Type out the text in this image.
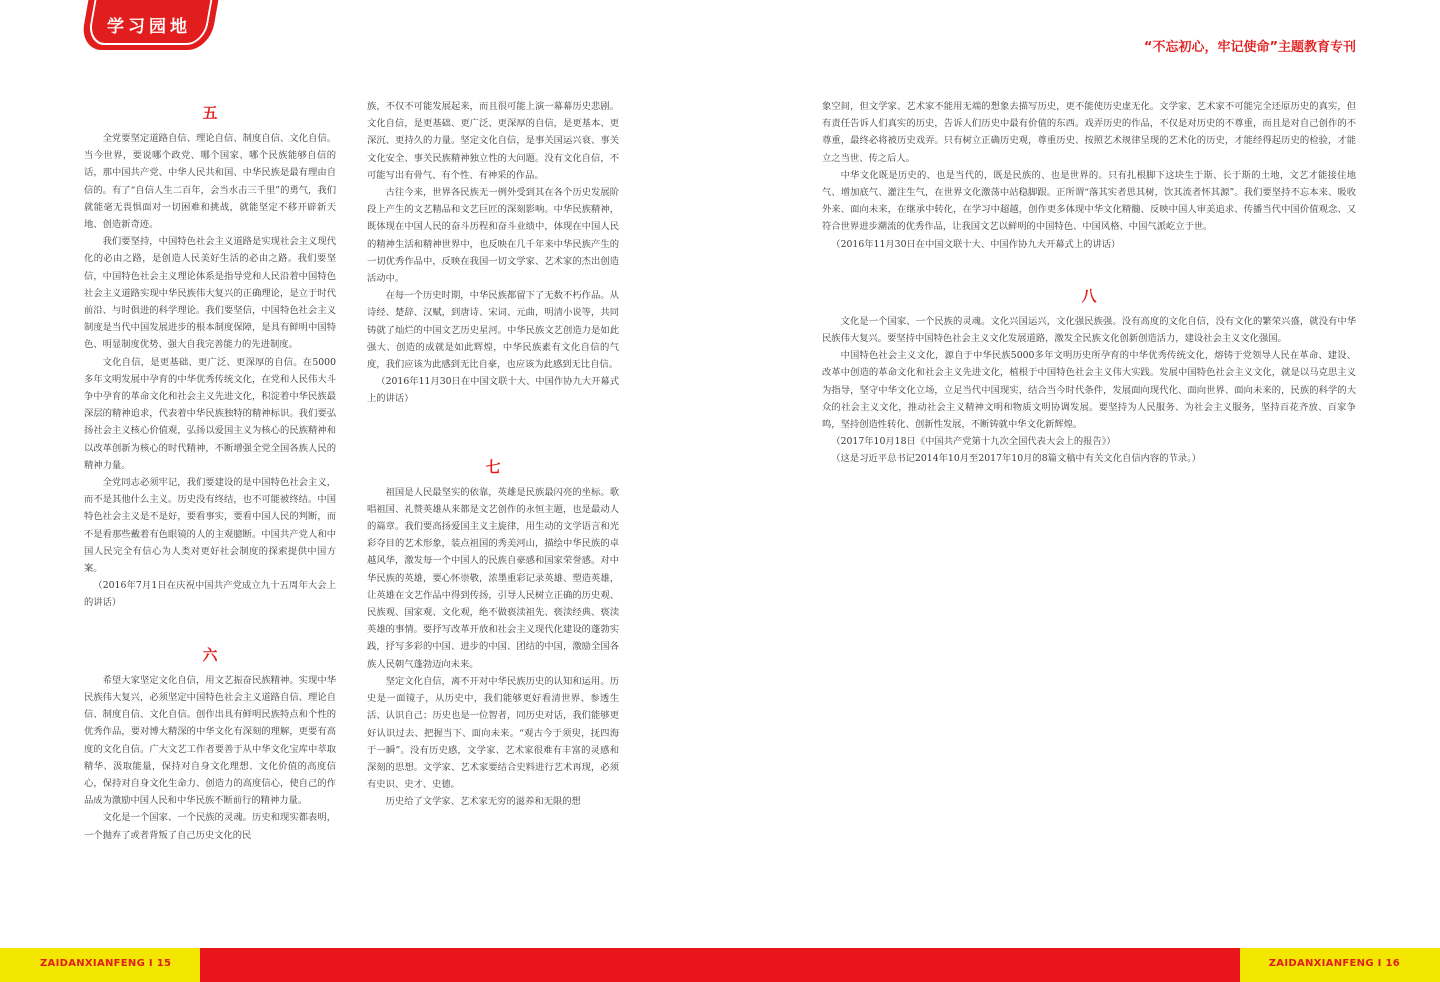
学习园地
“不忘初心，牢记使命”主题教育专刊
五

全党要坚定道路自信、理论自信、制度自信、文化自信。当今世界，要说哪个政党、哪个国家、哪个民族能够自信的话，那中国共产党、中华人民共和国、中华民族是最有理由自信的。有了“自信人生二百年，会当水击三千里”的勇气，我们就能毫无畏惧面对一切困难和挑战，就能坚定不移开辟新天地、创造新奇迹。

我们要坚持，中国特色社会主义道路是实现社会主义现代化的必由之路，是创造人民美好生活的必由之路。我们要坚信，中国特色社会主义理论体系是指导党和人民沿着中国特色社会主义道路实现中华民族伟大复兴的正确理论，是立于时代前沿、与时俱进的科学理论。我们要坚信，中国特色社会主义制度是当代中国发展进步的根本制度保障，是具有鲜明中国特色、明显制度优势、强大自我完善能力的先进制度。

文化自信，是更基础、更广泛、更深厚的自信。在5000多年文明发展中孕育的中华优秀传统文化，在党和人民伟大斗争中孕育的革命文化和社会主义先进文化，积淀着中华民族最深层的精神追求，代表着中华民族独特的精神标识。我们要弘扬社会主义核心价值观，弘扬以爱国主义为核心的民族精神和以改革创新为核心的时代精神，不断增强全党全国各族人民的精神力量。

全党同志必须牢记，我们要建设的是中国特色社会主义，而不是其他什么主义。历史没有终结，也不可能被终结。中国特色社会主义是不是好，要看事实，要看中国人民的判断，而不是看那些戴着有色眼镜的人的主观臆断。中国共产党人和中国人民完全有信心为人类对更好社会制度的探索提供中国方案。

（2016年7月1日在庆祝中国共产党成立九十五周年大会上的讲话）

六

希望大家坚定文化自信，用文艺振奋民族精神。实现中华民族伟大复兴，必须坚定中国特色社会主义道路自信、理论自信、制度自信、文化自信。创作出具有鲜明民族特点和个性的优秀作品，要对博大精深的中华文化有深刻的理解，更要有高度的文化自信。广大文艺工作者要善于从中华文化宝库中萃取精华、汲取能量，保持对自身文化理想、文化价值的高度信心，保持对自身文化生命力、创造力的高度信心，使自己的作品成为激励中国人民和中华民族不断前行的精神力量。

文化是一个国家、一个民族的灵魂。历史和现实都表明，一个抛弃了或者背叛了自己历史文化的民

族，不仅不可能发展起来，而且很可能上演一幕幕历史悲剧。文化自信，是更基础、更广泛、更深厚的自信，是更基本、更深沉、更持久的力量。坚定文化自信，是事关国运兴衰、事关文化安全、事关民族精神独立性的大问题。没有文化自信，不可能写出有骨气、有个性、有神采的作品。

古往今来，世界各民族无一例外受到其在各个历史发展阶段上产生的文艺精品和文艺巨匠的深刻影响。中华民族精神，既体现在中国人民的奋斗历程和奋斗业绩中，体现在中国人民的精神生活和精神世界中，也反映在几千年来中华民族产生的一切优秀作品中，反映在我国一切文学家、艺术家的杰出创造活动中。

在每一个历史时期，中华民族都留下了无数不朽作品。从诗经、楚辞、汉赋，到唐诗、宋词、元曲，明清小说等，共同铸就了灿烂的中国文艺历史星河。中华民族文艺创造力是如此强大、创造的成就是如此辉煌，中华民族素有文化自信的气度，我们应该为此感到无比自豪，也应该为此感到无比自信。

（2016年11月30日在中国文联十大、中国作协九大开幕式上的讲话）

七

祖国是人民最坚实的依靠，英雄是民族最闪亮的坐标。歌唱祖国、礼赞英雄从来都是文艺创作的永恒主题，也是最动人的篇章。我们要高扬爱国主义主旋律，用生动的文学语言和光彩夺目的艺术形象，装点祖国的秀美河山，描绘中华民族的卓越风华，激发每一个中国人的民族自豪感和国家荣誉感。对中华民族的英雄，要心怀崇敬，浓墨重彩记录英雄、塑造英雄，让英雄在文艺作品中得到传扬，引导人民树立正确的历史观、民族观、国家观、文化观，绝不做亵渎祖先、亵渎经典、亵渎英雄的事情。要抒写改革开放和社会主义现代化建设的蓬勃实践，抒写多彩的中国、进步的中国、团结的中国，激励全国各族人民朝气蓬勃迈向未来。

坚定文化自信，离不开对中华民族历史的认知和运用。历史是一面镜子，从历史中，我们能够更好看清世界、参透生活、认识自己；历史也是一位智者，同历史对话，我们能够更好认识过去、把握当下、面向未来。“观古今于须臾，抚四海于一瞬”。没有历史感，文学家、艺术家很难有丰富的灵感和深刻的思想。文学家、艺术家要结合史料进行艺术再现，必须有史识、史才、史德。

历史给了文学家、艺术家无穷的滋养和无限的想

象空间，但文学家、艺术家不能用无端的想象去描写历史，更不能使历史虚无化。文学家、艺术家不可能完全还原历史的真实，但有责任告诉人们真实的历史，告诉人们历史中最有价值的东西。戏弄历史的作品，不仅是对历史的不尊重，而且是对自己创作的不尊重，最终必将被历史戏弄。只有树立正确历史观，尊重历史、按照艺术规律呈现的艺术化的历史，才能经得起历史的检验，才能立之当世、传之后人。

中华文化既是历史的、也是当代的，既是民族的、也是世界的。只有扎根脚下这块生于斯、长于斯的土地，文艺才能接住地气、增加底气、灌注生气，在世界文化激荡中站稳脚跟。正所谓“落其实者思其树，饮其流者怀其源”。我们要坚持不忘本来、吸收外来、面向未来，在继承中转化，在学习中超越，创作更多体现中华文化精髓、反映中国人审美追求、传播当代中国价值观念、又符合世界进步潮流的优秀作品，让我国文艺以鲜明的中国特色、中国风格、中国气派屹立于世。

（2016年11月30日在中国文联十大、中国作协九大开幕式上的讲话）

八

文化是一个国家、一个民族的灵魂。文化兴国运兴，文化强民族强。没有高度的文化自信，没有文化的繁荣兴盛，就没有中华民族伟大复兴。要坚持中国特色社会主义文化发展道路，激发全民族文化创新创造活力，建设社会主义文化强国。

中国特色社会主义文化，源自于中华民族5000多年文明历史所孕育的中华优秀传统文化，熔铸于党领导人民在革命、建设、改革中创造的革命文化和社会主义先进文化，植根于中国特色社会主义伟大实践。发展中国特色社会主义文化，就是以马克思主义为指导，坚守中华文化立场，立足当代中国现实，结合当今时代条件，发展面向现代化、面向世界、面向未来的，民族的科学的大众的社会主义文化，推动社会主义精神文明和物质文明协调发展。要坚持为人民服务、为社会主义服务，坚持百花齐放、百家争鸣，坚持创造性转化、创新性发展，不断铸就中华文化新辉煌。

（2017年10月18日《中国共产党第十九次全国代表大会上的报告》）

（这是习近平总书记2014年10月至2017年10月的8篇文稿中有关文化自信内容的节录。）

ZAIDANXIANFENG I 15	ZAIDANXIANFENG I 16
